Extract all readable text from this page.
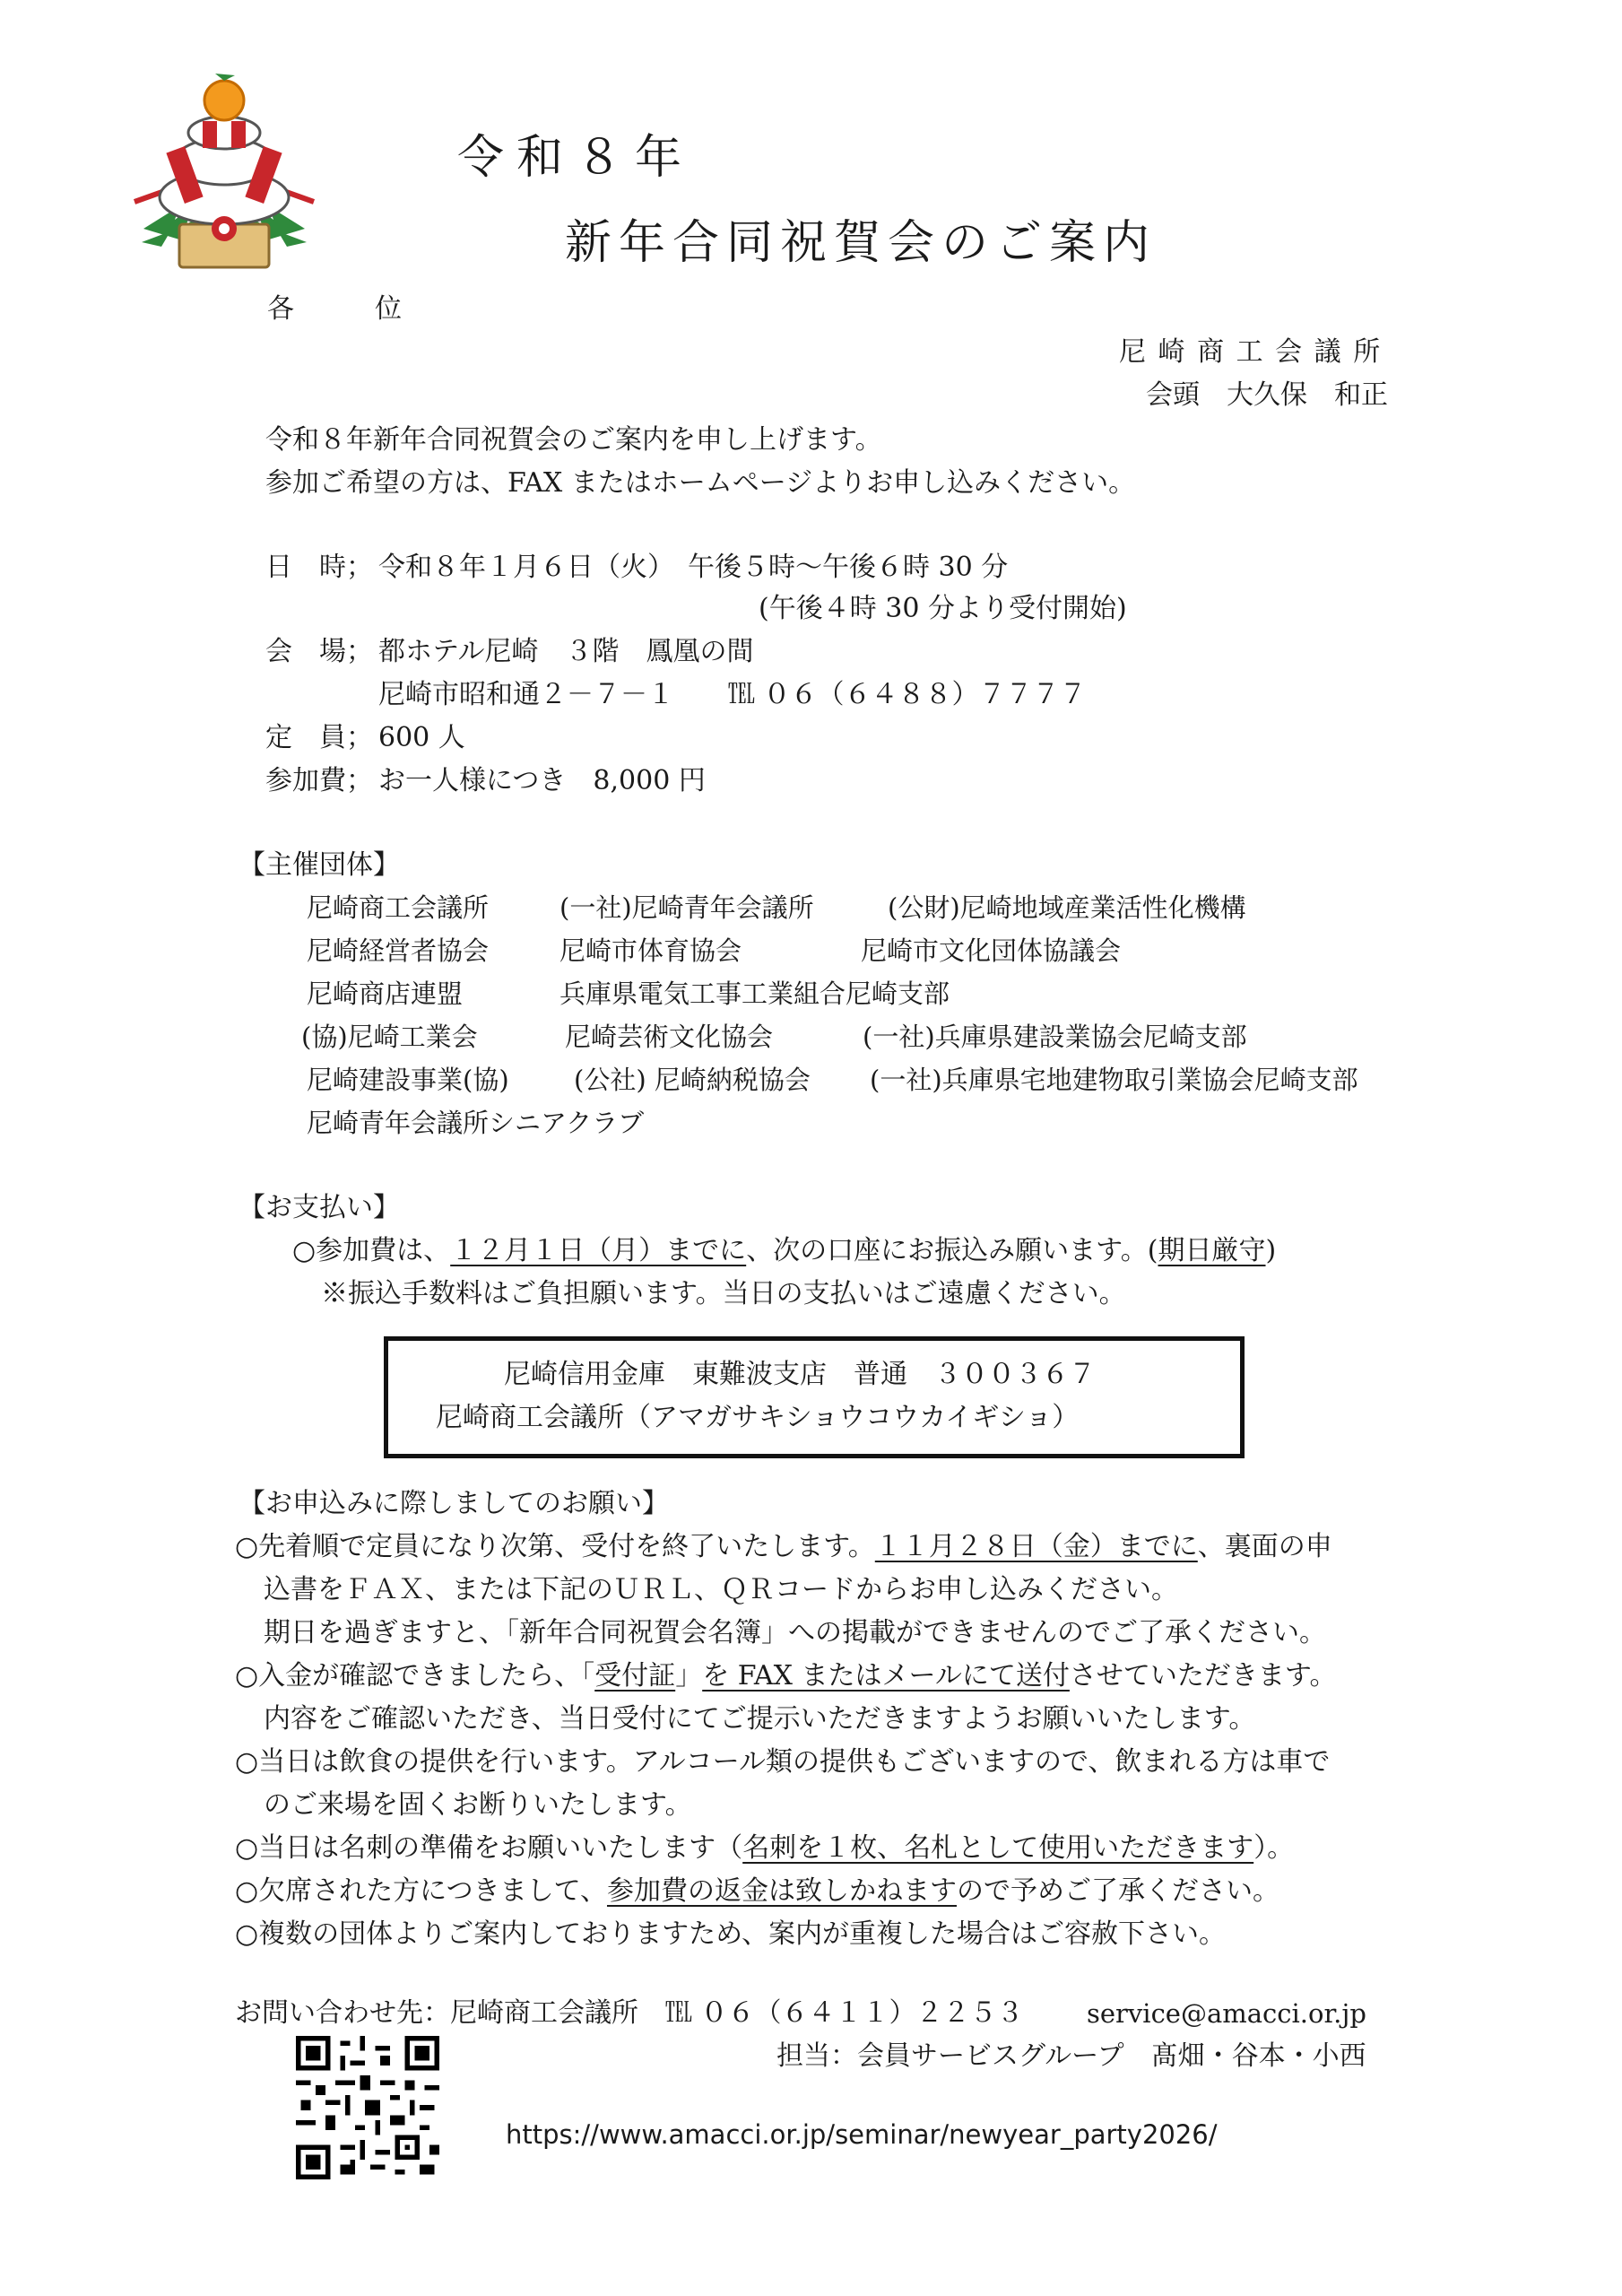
令和８年
新年合同祝賀会のご案内
各　　　位
尼 崎 商 工 会 議 所
会頭　大久保　和正
令和８年新年合同祝賀会のご案内を申し上げます。
参加ご希望の方は、FAX またはホームページよりお申し込みください。
日　時； 令和８年１月６日（火）　午後５時～午後６時 30 分
(午後４時 30 分より受付開始)
会　場； 都ホテル尼崎　３階　鳳凰の間
尼崎市昭和通２－７－１　　℡ ０６（６４８８）７７７７
定　員； 600 人
参加費； お一人様につき　8,000 円
【主催団体】
尼崎商工会議所	(一社)尼崎青年会議所	(公財)尼崎地域産業活性化機構
尼崎経営者協会	尼崎市体育協会	尼崎市文化団体協議会
尼崎商店連盟	兵庫県電気工事工業組合尼崎支部
(協)尼崎工業会	尼崎芸術文化協会	(一社)兵庫県建設業協会尼崎支部
尼崎建設事業(協) (公社) 尼崎納税協会 (一社)兵庫県宅地建物取引業協会尼崎支部
尼崎青年会議所シニアクラブ
【お支払い】
○参加費は、１２月１日（月）までに、次の口座にお振込み願います。(期日厳守)
※振込手数料はご負担願います。当日の支払いはご遠慮ください。
尼崎信用金庫　東難波支店　普通　３００３６７
尼崎商工会議所（アマガサキショウコウカイギショ）
【お申込みに際しましてのお願い】
○先着順で定員になり次第、受付を終了いたします。１１月２８日（金）までに、裏面の申
込書をＦＡＸ、または下記のＵＲＬ、ＱＲコードからお申し込みください。
期日を過ぎますと、「新年合同祝賀会名簿」への掲載ができませんのでご了承ください。
○入金が確認できましたら、「受付証」を FAX またはメールにて送付させていただきます。
内容をご確認いただき、当日受付にてご提示いただきますようお願いいたします。
○当日は飲食の提供を行います。アルコール類の提供もございますので、飲まれる方は車で
のご来場を固くお断りいたします。
○当日は名刺の準備をお願いいたします（名刺を１枚、名札として使用いただきます）。
○欠席された方につきまして、参加費の返金は致しかねますので予めご了承ください。
○複数の団体よりご案内しておりますため、案内が重複した場合はご容赦下さい。
お問い合わせ先：尼崎商工会議所　℡ ０６（６４１１）２２５３ service@amacci.or.jp
担当：会員サービスグループ　髙畑・谷本・小西
https://www.amacci.or.jp/seminar/newyear_party2026/
